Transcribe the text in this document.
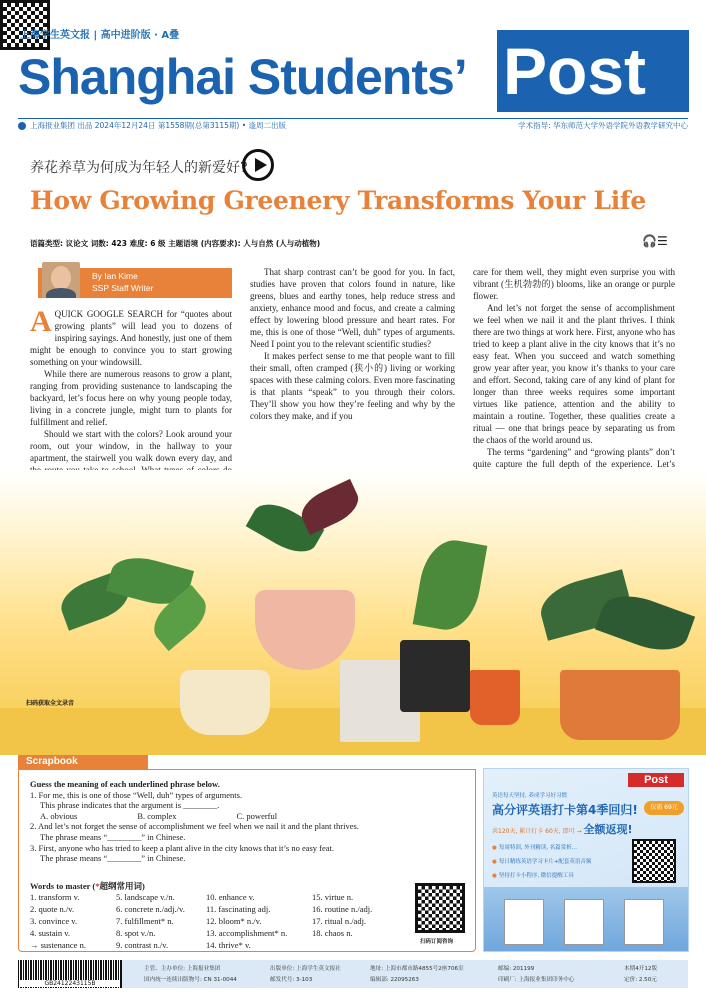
上海学生英文报 | 高中进阶版 · A叠
Shanghai Students’ Post
上海报业集团 出品 2024年12月24日 第1558期(总第3115期) • 逢周二出版	学术指导: 华东师范大学外语学院外语教学研究中心
养花养草为何成为年轻人的新爱好?
How Growing Greenery Transforms Your Life
语篇类型: 议论文 词数: 423 难度: 6 级 主题语境 (内容要求): 人与自然 (人与动植物)	🎧☰
By Ian Kime
SSP Staff Writer

A QUICK GOOGLE SEARCH for “quotes about growing plants” will lead you to dozens of inspiring sayings. And honestly, just one of them might be enough to convince you to start growing something on your windowsill.

While there are numerous reasons to grow a plant, ranging from providing sustenance to landscaping the backyard, let’s focus here on why young people today, living in a concrete jungle, might turn to plants for fulfillment and relief.

Should we start with the colors? Look around your room, out your window, in the hallway to your apartment, the stairwell you walk down every day, and

That sharp contrast can’t be good for you. In fact, studies have proven that colors found in nature, like greens, blues and earthy tones, help reduce stress and anxiety, enhance mood and focus, and create a calming effect by lowering blood pressure and heart rates. For me, this is one of those “Well, duh” types of arguments. Need I point you to the relevant scientific studies?

It makes perfect sense to me that people want to fill their small, often cramped (狭小的) living or working spaces with these calming colors. Even more fascinating is that plants “speak” to you through their colors. They’ll show you how they’re feeling and why by the colors they make, and if you

care for them well, they might even surprise you with vibrant (生机勃勃的) blooms, like an orange or purple flower.

And let’s not forget the sense of accomplishment we feel when we nail it and the plant thrives. I think there are two things at work here. First, anyone who has tried to keep a plant alive in the city knows that it’s no easy feat. When you succeed and watch something grow year after year, you know it’s thanks to your care and effort. Second, taking care of any kind of plant for longer than three weeks requires some important virtues like patience, attention and the ability to maintain a routine. Together, these qualities create a ritual — one that brings peace by separating us from the chaos of the world around us.

The terms “gardening” and “growing plants” don’t quite capture the full depth of the experience. Let’s

扫码获取全文录音
Scrapbook
Guess the meaning of each underlined phrase below.
1. For me, this is one of those “Well, duh” types of arguments.
This phrase indicates that the argument is ________.
A. obvious	B. complex	C. powerful
2. And let’s not forget the sense of accomplishment we feel when we nail it and the plant thrives.
The phrase means “________” in Chinese.
3. First, anyone who has tried to keep a plant alive in the city knows that it’s no easy feat.
The phrase means “________” in Chinese.
Words to master (*超纲常用词)
1. transform v.	5. landscape v./n.	10. enhance v.	15. virtue n.
2. quote n./v.	6. concrete n./adj./v.	11. fascinating adj.	16. routine n./adj.
3. convince v.	7. fulfillment* n.	12. bloom* n./v.	17. ritual n./adj.
4. sustain v.	8. spot v./n.	13. accomplishment* n.	18. chaos n.
→ sustenance n.	9. contrast n./v.	14. thrive* v.	扫码订阅咨询
Post
英语每天坚持, 养成学习好习惯
高分评英语打卡第4季回归!	仅需 69元
共120天, 累计打卡 60天, 即可 → 全额返现!
● 每周特训, 外刊精读, 名篇赏析...
● 每日精练英语学习卡片+配套英语音频
● 坚持打卡小程序, 微信提醒工具
GB2412243115B
主管、主办单位: 上海报业集团
国内统一连续出版物号: CN 31-0044
出版单位: 上海学生英文报社
邮发代号: 3-103
地址: 上海市都市路4855号2座706室
编辑部: 22095263
邮编: 201199
印刷厂: 上海报业集团印务中心
本期4开12版
定价: 2.50元
